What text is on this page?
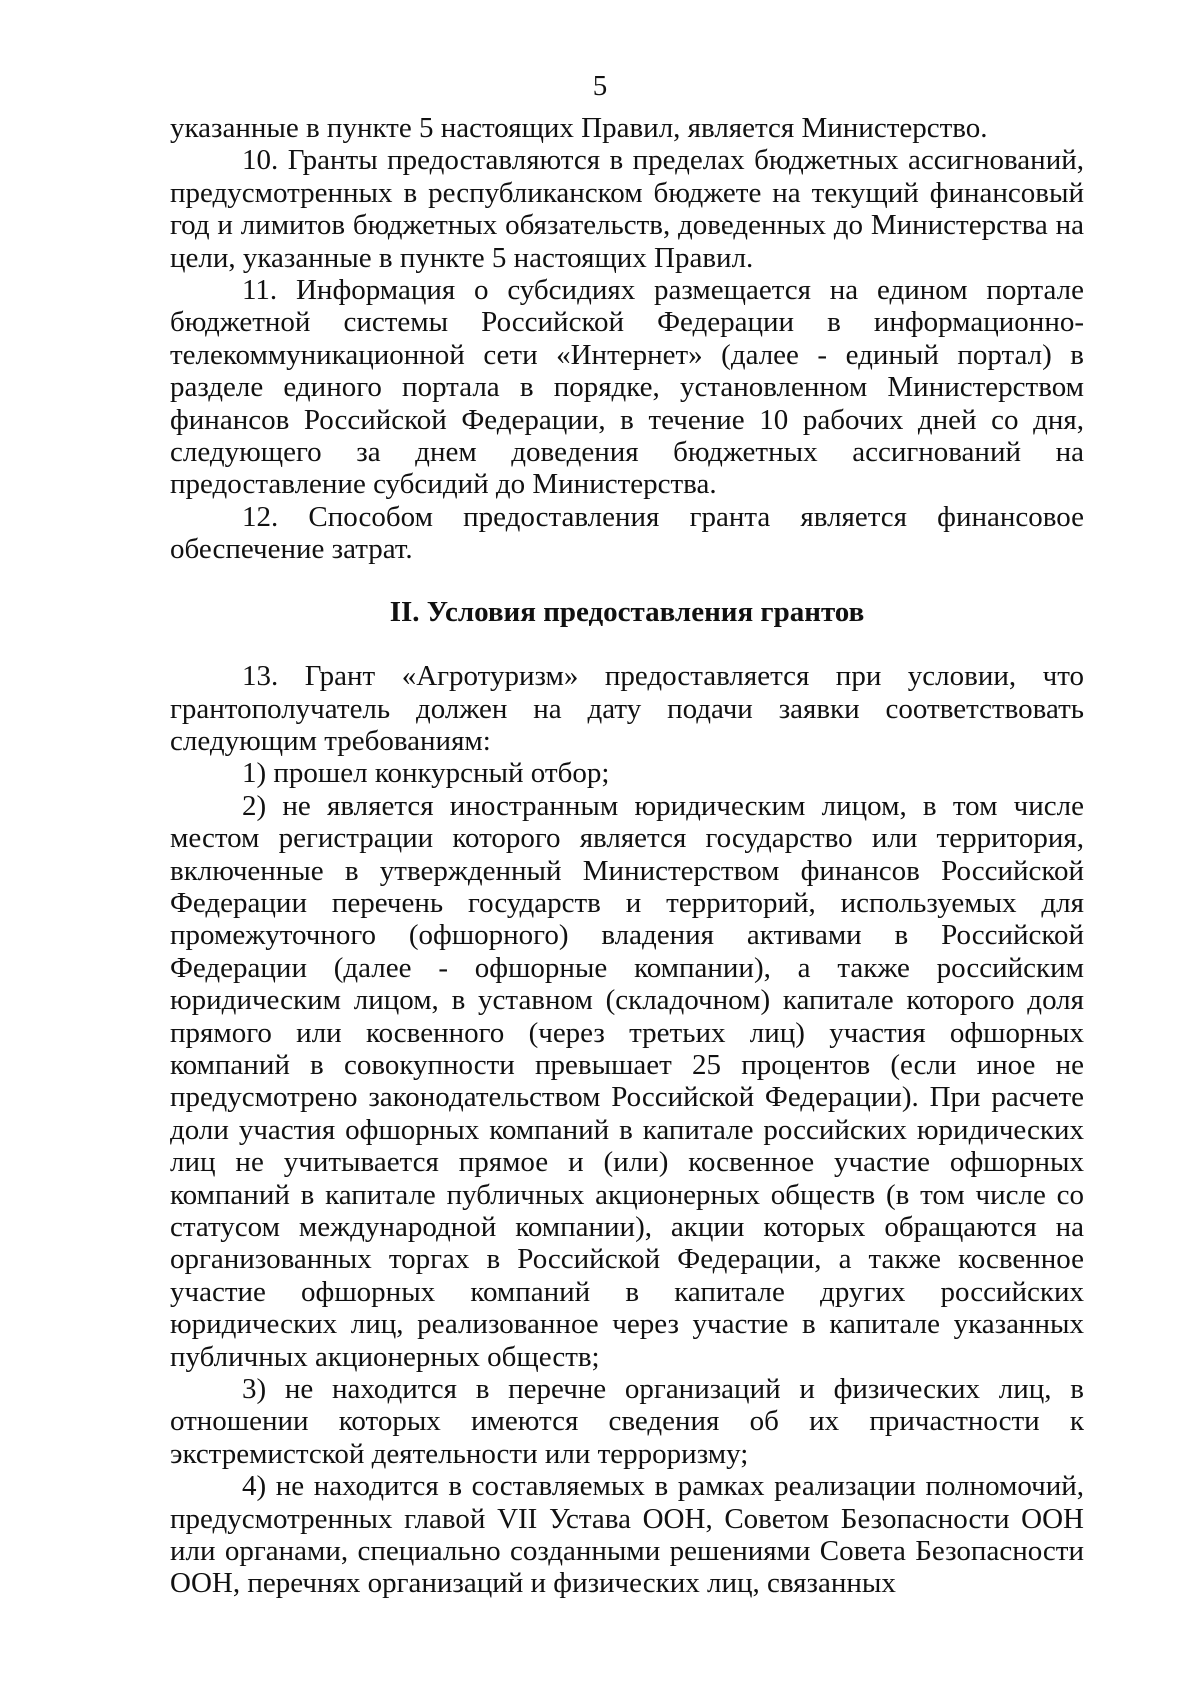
5

указанные в пункте 5 настоящих Правил, является Министерство.

10. Гранты предоставляются в пределах бюджетных ассигнований, предусмотренных в республиканском бюджете на текущий финансовый год и лимитов бюджетных обязательств, доведенных до Министерства на цели, указанные в пункте 5 настоящих Правил.

11. Информация о субсидиях размещается на едином портале бюджетной системы Российской Федерации в информационно-телекоммуникационной сети «Интернет» (далее - единый портал) в разделе единого портала в порядке, установленном Министерством финансов Российской Федерации, в течение 10 рабочих дней со дня, следующего за днем доведения бюджетных ассигнований на предоставление субсидий до Министерства.

12. Способом предоставления гранта является финансовое обеспечение затрат.

II. Условия предоставления грантов

13. Грант «Агротуризм» предоставляется при условии, что грантополучатель должен на дату подачи заявки соответствовать следующим требованиям:

1) прошел конкурсный отбор;

2) не является иностранным юридическим лицом, в том числе местом регистрации которого является государство или территория, включенные в утвержденный Министерством финансов Российской Федерации перечень государств и территорий, используемых для промежуточного (офшорного) владения активами в Российской Федерации (далее - офшорные компании), а также российским юридическим лицом, в уставном (складочном) капитале которого доля прямого или косвенного (через третьих лиц) участия офшорных компаний в совокупности превышает 25 процентов (если иное не предусмотрено законодательством Российской Федерации). При расчете доли участия офшорных компаний в капитале российских юридических лиц не учитывается прямое и (или) косвенное участие офшорных компаний в капитале публичных акционерных обществ (в том числе со статусом международной компании), акции которых обращаются на организованных торгах в Российской Федерации, а также косвенное участие офшорных компаний в капитале других российских юридических лиц, реализованное через участие в капитале указанных публичных акционерных обществ;

3) не находится в перечне организаций и физических лиц, в отношении которых имеются сведения об их причастности к экстремистской деятельности или терроризму;

4) не находится в составляемых в рамках реализации полномочий, предусмотренных главой VII Устава ООН, Советом Безопасности ООН или органами, специально созданными решениями Совета Безопасности ООН, перечнях организаций и физических лиц, связанных
